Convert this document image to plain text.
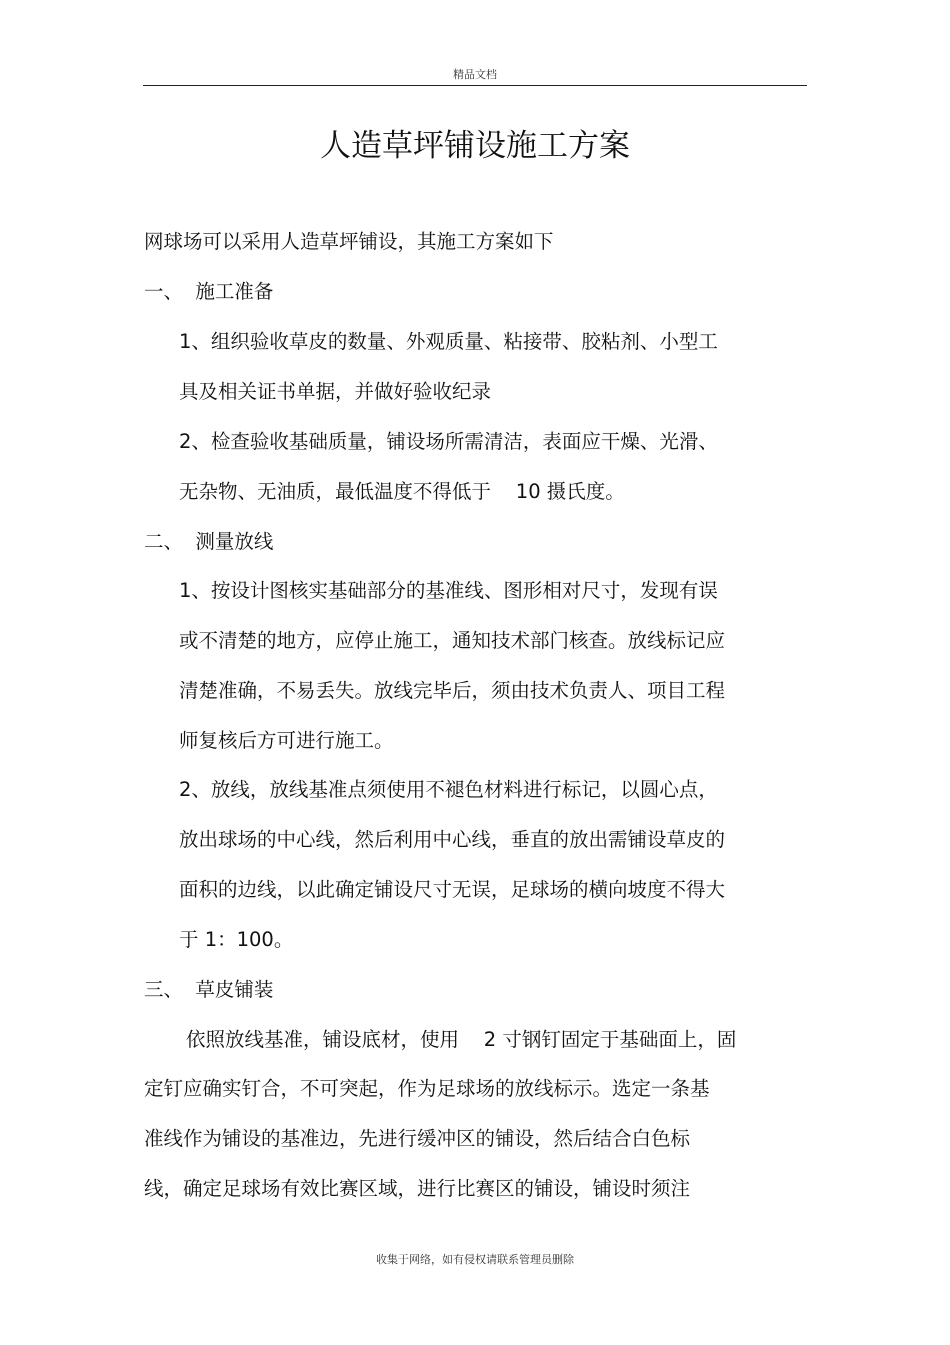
精品文档
人造草坪铺设施工方案
网球场可以采用人造草坪铺设，其施工方案如下
一、  施工准备
1、组织验收草皮的数量、外观质量、粘接带、胶粘剂、小型工
具及相关证书单据，并做好验收纪录
2、检查验收基础质量，铺设场所需清洁，表面应干燥、光滑、
无杂物、无油质，最低温度不得低于    10 摄氏度。
二、  测量放线
1、按设计图核实基础部分的基准线、图形相对尺寸，发现有误
或不清楚的地方，应停止施工，通知技术部门核查。放线标记应
清楚准确，不易丢失。放线完毕后，须由技术负责人、项目工程
师复核后方可进行施工。
2、放线，放线基准点须使用不褪色材料进行标记，以圆心点，
放出球场的中心线，然后利用中心线，垂直的放出需铺设草皮的
面积的边线，以此确定铺设尺寸无误，足球场的横向坡度不得大
于 1：100。
三、  草皮铺装
依照放线基准，铺设底材，使用    2 寸钢钉固定于基础面上，固
定钉应确实钉合，不可突起，作为足球场的放线标示。选定一条基
准线作为铺设的基准边，先进行缓冲区的铺设，然后结合白色标
线，确定足球场有效比赛区域，进行比赛区的铺设，铺设时须注
收集于网络，如有侵权请联系管理员删除
